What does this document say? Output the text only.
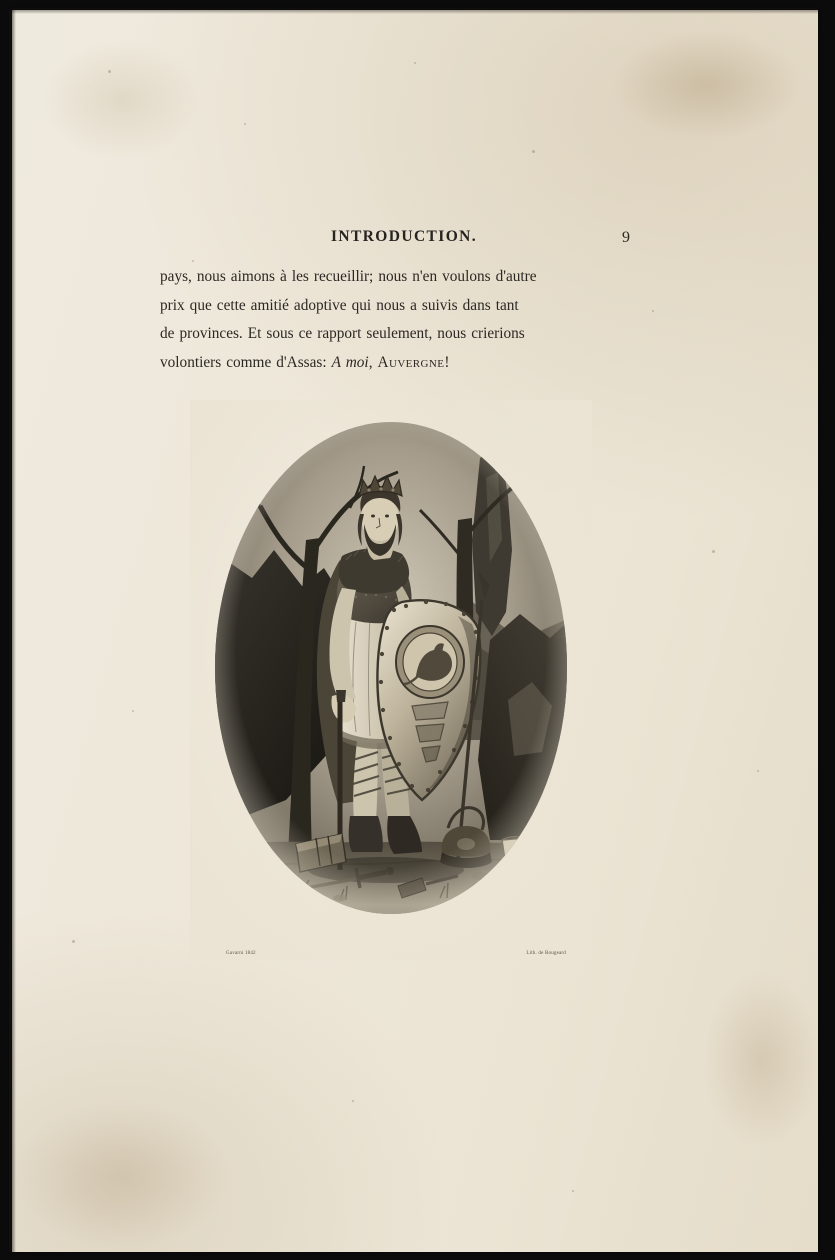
INTRODUCTION.	9

pays, nous aimons à les recueillir; nous n'en voulons d'autre

prix que cette amitié adoptive qui nous a suivis dans tant

de provinces. Et sous ce rapport seulement, nous crierions

volontiers comme d'Assas: A moi, Auvergne!

Gavarni 1842	Lith. de Bougeard
